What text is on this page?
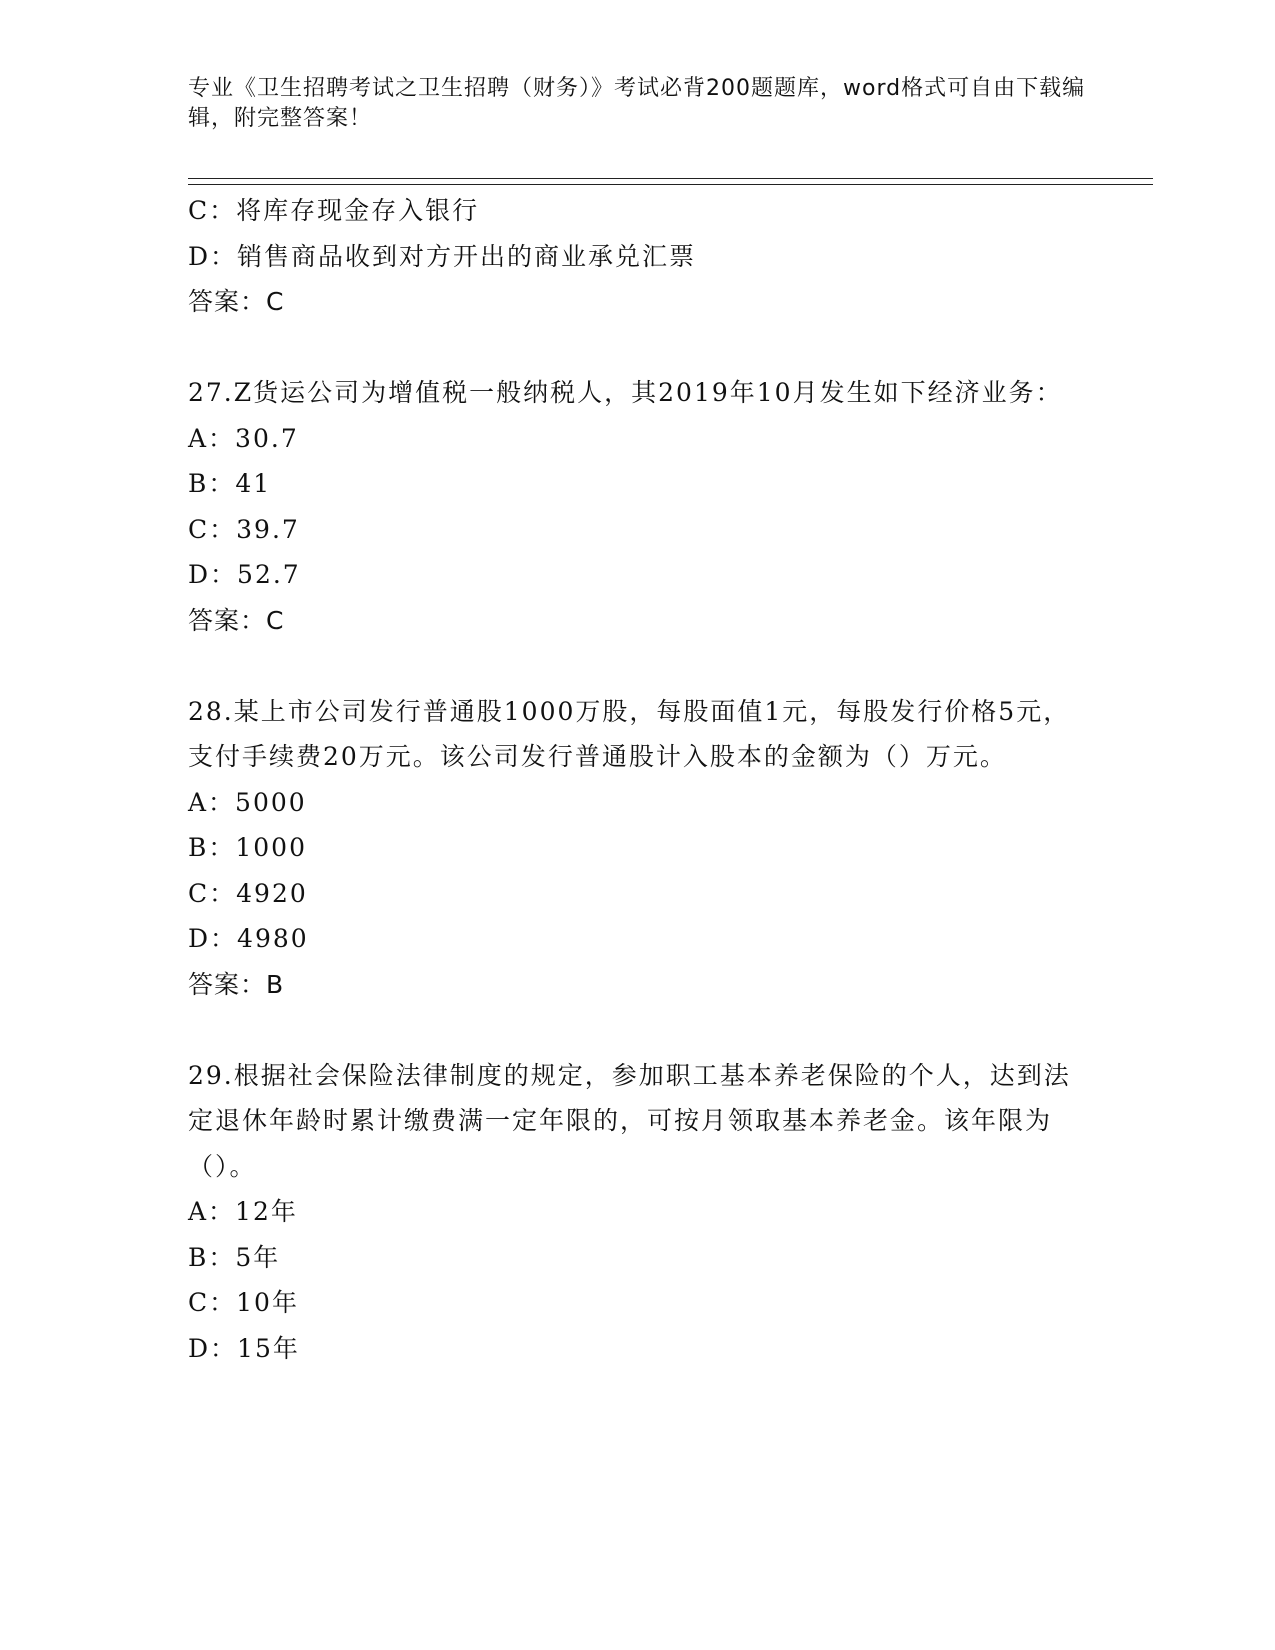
专业《卫生招聘考试之卫生招聘（财务）》考试必背200题题库，word格式可自由下载编辑，附完整答案！

C：将库存现金存入银行

D：销售商品收到对方开出的商业承兑汇票

答案：C

27.Z货运公司为增值税一般纳税人，其2019年10月发生如下经济业务：

A：30.7

B：41

C：39.7

D：52.7

答案：C

28.某上市公司发行普通股1000万股，每股面值1元，每股发行价格5元，支付手续费20万元。该公司发行普通股计入股本的金额为（）万元。

A：5000

B：1000

C：4920

D：4980

答案：B

29.根据社会保险法律制度的规定，参加职工基本养老保险的个人，达到法定退休年龄时累计缴费满一定年限的，可按月领取基本养老金。该年限为（）。

A：12年

B：5年

C：10年

D：15年
